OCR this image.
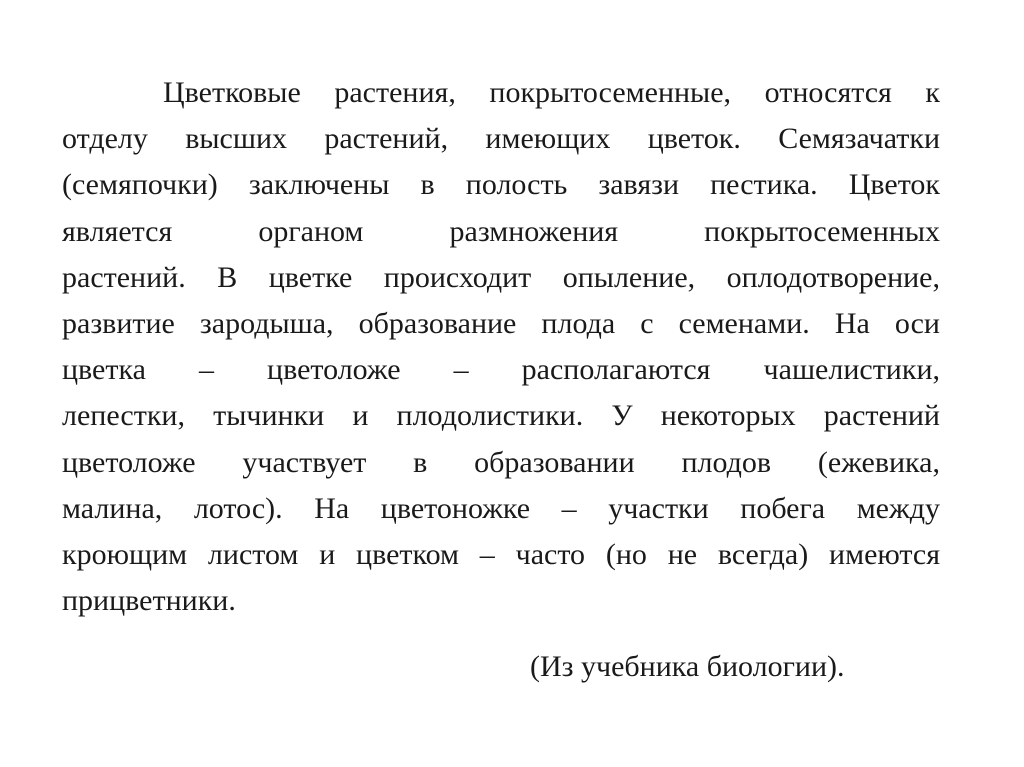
Цветковые растения, покрытосеменные, относятся к
отделу высших растений, имеющих цветок. Семязачатки
(семяпочки) заключены в полость завязи пестика. Цветок
является органом размножения покрытосеменных
растений. В цветке происходит опыление, оплодотворение,
развитие зародыша, образование плода с семенами. На оси
цветка – цветоложе – располагаются чашелистики,
лепестки, тычинки и плодолистики. У некоторых растений
цветоложе участвует в образовании плодов (ежевика,
малина, лотос). На цветоножке – участки побега между
кроющим листом и цветком – часто (но не всегда) имеются
прицветники.
(Из учебника биологии).
